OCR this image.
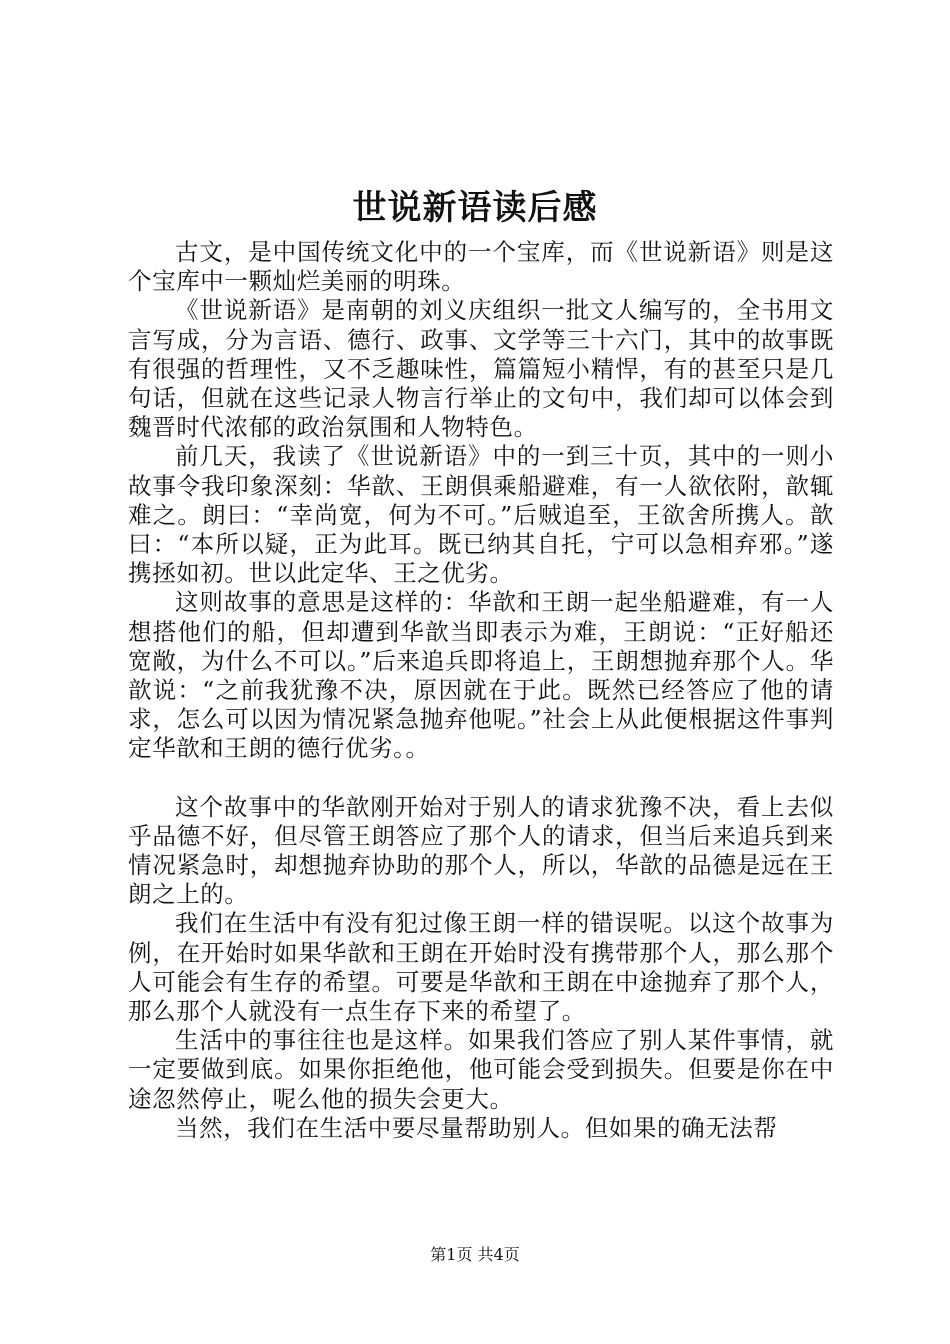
世说新语读后感

古文，是中国传统文化中的一个宝库，而《世说新语》则是这个宝库中一颗灿烂美丽的明珠。

《世说新语》是南朝的刘义庆组织一批文人编写的，全书用文言写成，分为言语、德行、政事、文学等三十六门，其中的故事既有很强的哲理性，又不乏趣味性，篇篇短小精悍，有的甚至只是几句话，但就在这些记录人物言行举止的文句中，我们却可以体会到魏晋时代浓郁的政治氛围和人物特色。

前几天，我读了《世说新语》中的一到三十页，其中的一则小故事令我印象深刻：华歆、王朗俱乘船避难，有一人欲依附，歆辄难之。朗曰：“幸尚宽，何为不可。”后贼追至，王欲舍所携人。歆曰：“本所以疑，正为此耳。既已纳其自托，宁可以急相弃邪。”遂携拯如初。世以此定华、王之优劣。

这则故事的意思是这样的：华歆和王朗一起坐船避难，有一人想搭他们的船，但却遭到华歆当即表示为难，王朗说：“正好船还宽敞，为什么不可以。”后来追兵即将追上，王朗想抛弃那个人。华歆说：“之前我犹豫不决，原因就在于此。既然已经答应了他的请求，怎么可以因为情况紧急抛弃他呢。”社会上从此便根据这件事判定华歆和王朗的德行优劣。。

这个故事中的华歆刚开始对于别人的请求犹豫不决，看上去似乎品德不好，但尽管王朗答应了那个人的请求，但当后来追兵到来情况紧急时，却想抛弃协助的那个人，所以，华歆的品德是远在王朗之上的。

我们在生活中有没有犯过像王朗一样的错误呢。以这个故事为例，在开始时如果华歆和王朗在开始时没有携带那个人，那么那个人可能会有生存的希望。可要是华歆和王朗在中途抛弃了那个人，那么那个人就没有一点生存下来的希望了。

生活中的事往往也是这样。如果我们答应了别人某件事情，就一定要做到底。如果你拒绝他，他可能会受到损失。但要是你在中途忽然停止，呢么他的损失会更大。

当然，我们在生活中要尽量帮助别人。但如果的确无法帮

第1页 共4页
